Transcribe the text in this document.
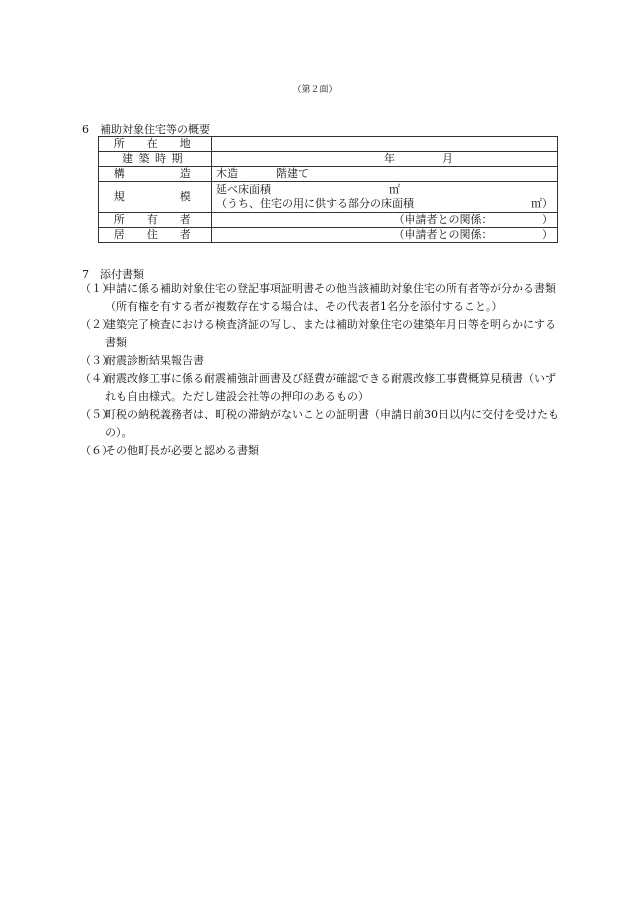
（第２面）
6　補助対象住宅等の概要
所　在　地	
建築時期	年 月
構　　　造	木造 階建て
規　　　模	延べ床面積 ㎡
（うち、住宅の用に供する部分の床面積 ㎡）

所　有　者	（申請者との関係：　　　　　）
居　住　者	（申請者との関係：　　　　　）
7　添付書類
（１）
申請に係る補助対象住宅の登記事項証明書その他当該補助対象住宅の所有者等が分かる書類（所有権を有する者が複数存在する場合は、その代表者1名分を添付すること。）
（２）
建築完了検査における検査済証の写し、または補助対象住宅の建築年月日等を明らかにする書類
（３）
耐震診断結果報告書
（４）
耐震改修工事に係る耐震補強計画書及び経費が確認できる耐震改修工事費概算見積書（いずれも自由様式。ただし建設会社等の押印のあるもの）
（５）
町税の納税義務者は、町税の滞納がないことの証明書（申請日前30日以内に交付を受けたもの）。
（６）
その他町長が必要と認める書類
